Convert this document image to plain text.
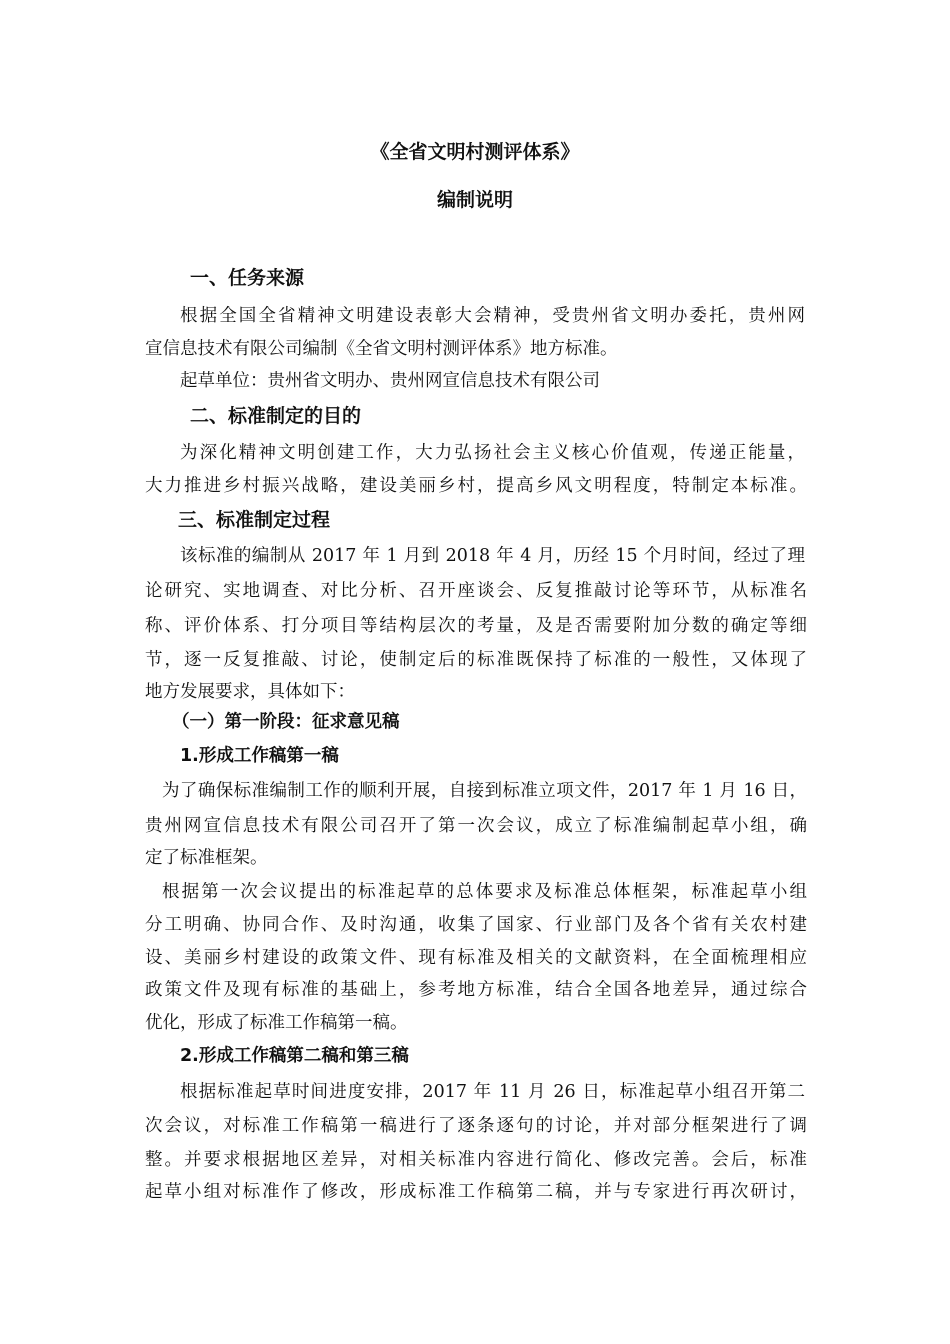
《全省文明村测评体系》
编制说明
一、任务来源
根据全国全省精神文明建设表彰大会精神，受贵州省文明办委托，贵州网
宣信息技术有限公司编制《全省文明村测评体系》地方标准。
起草单位：贵州省文明办、贵州网宣信息技术有限公司
二、标准制定的目的
为深化精神文明创建工作，大力弘扬社会主义核心价值观，传递正能量，
大力推进乡村振兴战略，建设美丽乡村，提高乡风文明程度，特制定本标准。
三、标准制定过程
该标准的编制从 2017 年 1 月到 2018 年 4 月，历经 15 个月时间，经过了理
论研究、实地调查、对比分析、召开座谈会、反复推敲讨论等环节，从标准名
称、评价体系、打分项目等结构层次的考量，及是否需要附加分数的确定等细
节，逐一反复推敲、讨论，使制定后的标准既保持了标准的一般性，又体现了
地方发展要求，具体如下：
（一）第一阶段：征求意见稿
1.形成工作稿第一稿
为了确保标准编制工作的顺利开展，自接到标准立项文件，2017 年 1 月 16 日，
贵州网宣信息技术有限公司召开了第一次会议，成立了标准编制起草小组，确
定了标准框架。
根据第一次会议提出的标准起草的总体要求及标准总体框架，标准起草小组
分工明确、协同合作、及时沟通，收集了国家、行业部门及各个省有关农村建
设、美丽乡村建设的政策文件、现有标准及相关的文献资料，在全面梳理相应
政策文件及现有标准的基础上，参考地方标准，结合全国各地差异，通过综合
优化，形成了标准工作稿第一稿。
2.形成工作稿第二稿和第三稿
根据标准起草时间进度安排，2017 年 11 月 26 日，标准起草小组召开第二
次会议，对标准工作稿第一稿进行了逐条逐句的讨论，并对部分框架进行了调
整。并要求根据地区差异，对相关标准内容进行简化、修改完善。会后，标准
起草小组对标准作了修改，形成标准工作稿第二稿，并与专家进行再次研讨，
